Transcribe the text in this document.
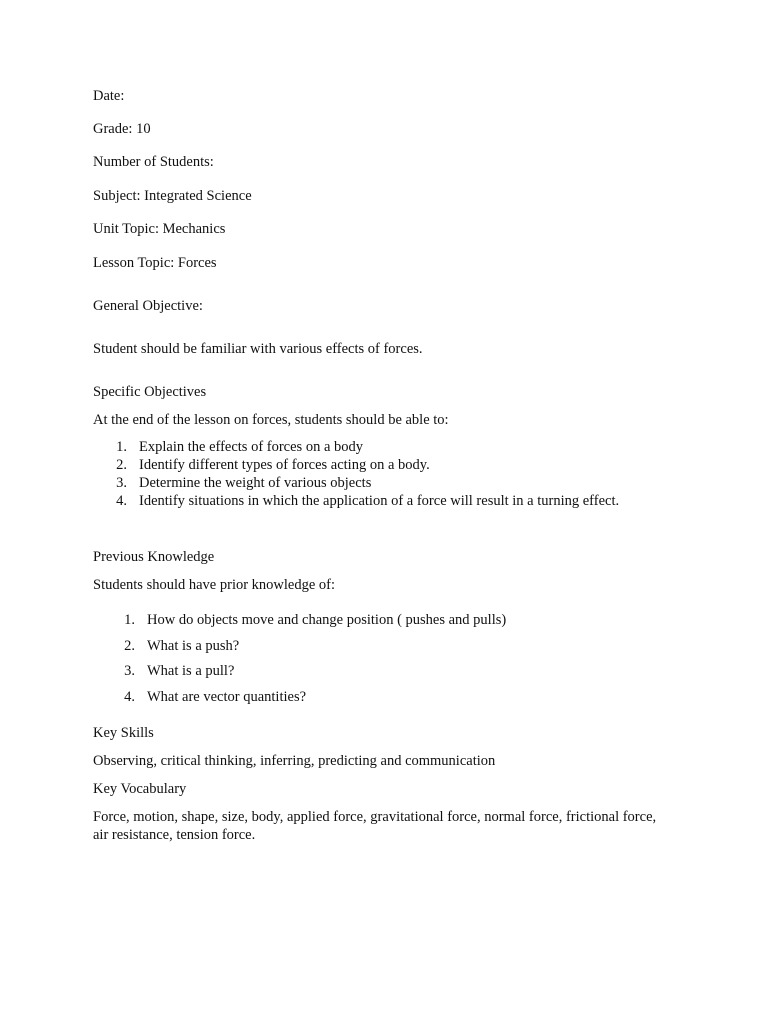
Date:

Grade: 10

Number of Students:

Subject: Integrated Science

Unit Topic: Mechanics

Lesson Topic: Forces

General Objective:

Student should be familiar with various effects of forces.

Specific Objectives

At the end of the lesson on forces, students should be able to:

1. Explain the effects of forces on a body
2. Identify different types of forces acting on a body.
3. Determine the weight of various objects
4. Identify situations in which the application of a force will result in a turning effect.

Previous Knowledge

Students should have prior knowledge of:

1. How do objects move and change position ( pushes and pulls)
2. What is a push?
3. What is a pull?
4. What are vector quantities?

Key Skills

Observing, critical thinking, inferring, predicting and communication

Key Vocabulary

Force, motion, shape, size, body, applied force, gravitational force, normal force, frictional force, air resistance, tension force.
